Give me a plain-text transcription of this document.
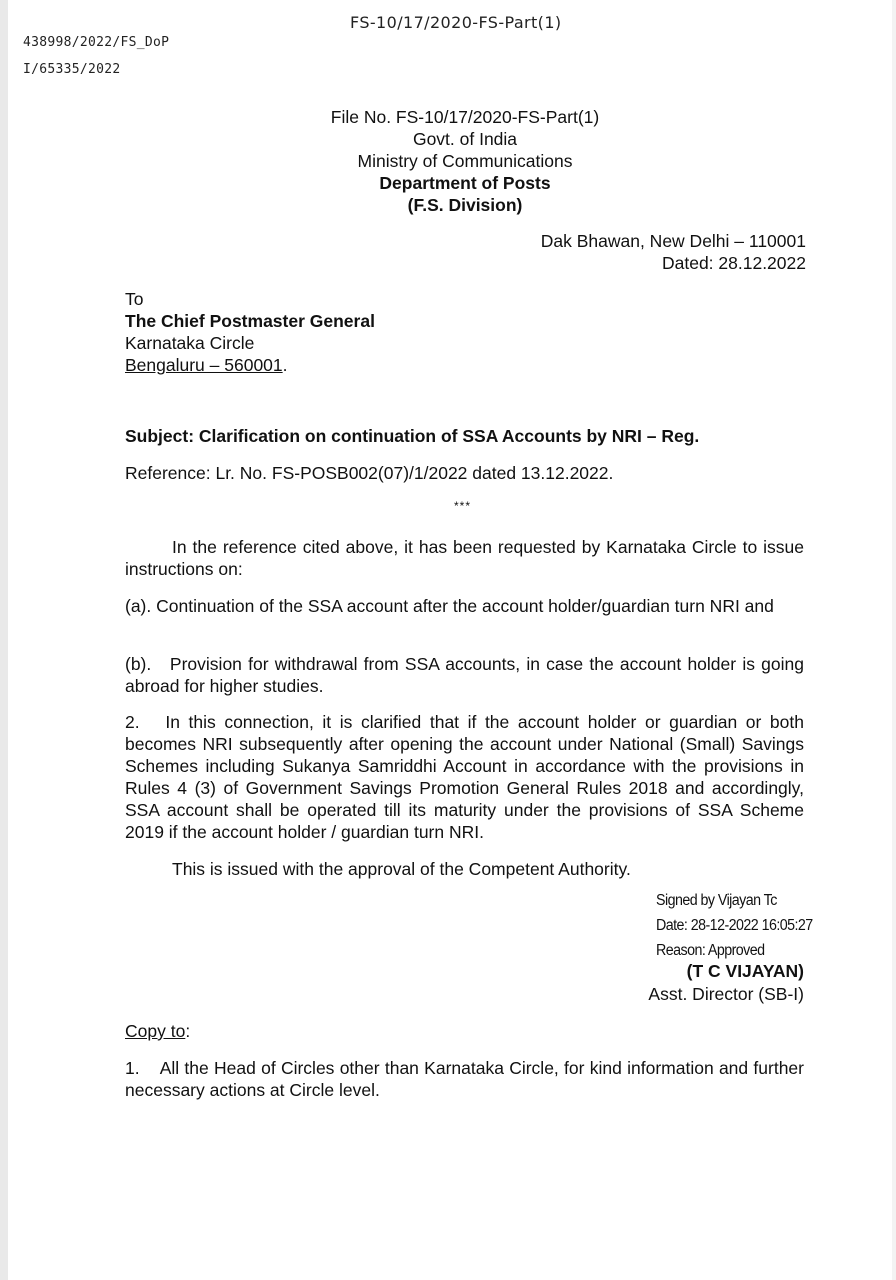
FS-10/17/2020-FS-Part(1)
438998/2022/FS_DoP
I/65335/2022
File No. FS-10/17/2020-FS-Part(1)
Govt. of India
Ministry of Communications
Department of Posts
(F.S. Division)
Dak Bhawan, New Delhi – 110001
Dated: 28.12.2022
To
The Chief Postmaster General
Karnataka Circle
Bengaluru – 560001.
Subject: Clarification on continuation of SSA Accounts by NRI – Reg.
Reference: Lr. No. FS-POSB002(07)/1/2022 dated 13.12.2022.
***
In the reference cited above, it has been requested by Karnataka Circle to issue instructions on:
(a). Continuation of the SSA account after the account holder/guardian turn NRI and
(b).   Provision for withdrawal from SSA accounts, in case the account holder is going abroad for higher studies.
2.   In this connection, it is clarified that if the account holder or guardian or both becomes NRI subsequently after opening the account under National (Small) Savings Schemes including Sukanya Samriddhi Account in accordance with the provisions in Rules 4 (3) of Government Savings Promotion General Rules 2018 and accordingly, SSA account shall be operated till its maturity under the provisions of SSA Scheme 2019 if the account holder / guardian turn NRI.
This is issued with the approval of the Competent Authority.
Signed by Vijayan Tc
Date: 28-12-2022 16:05:27
Reason: Approved
(T C VIJAYAN)
Asst. Director (SB-I)
Copy to:
1.    All the Head of Circles other than Karnataka Circle, for kind information and further necessary actions at Circle level.
